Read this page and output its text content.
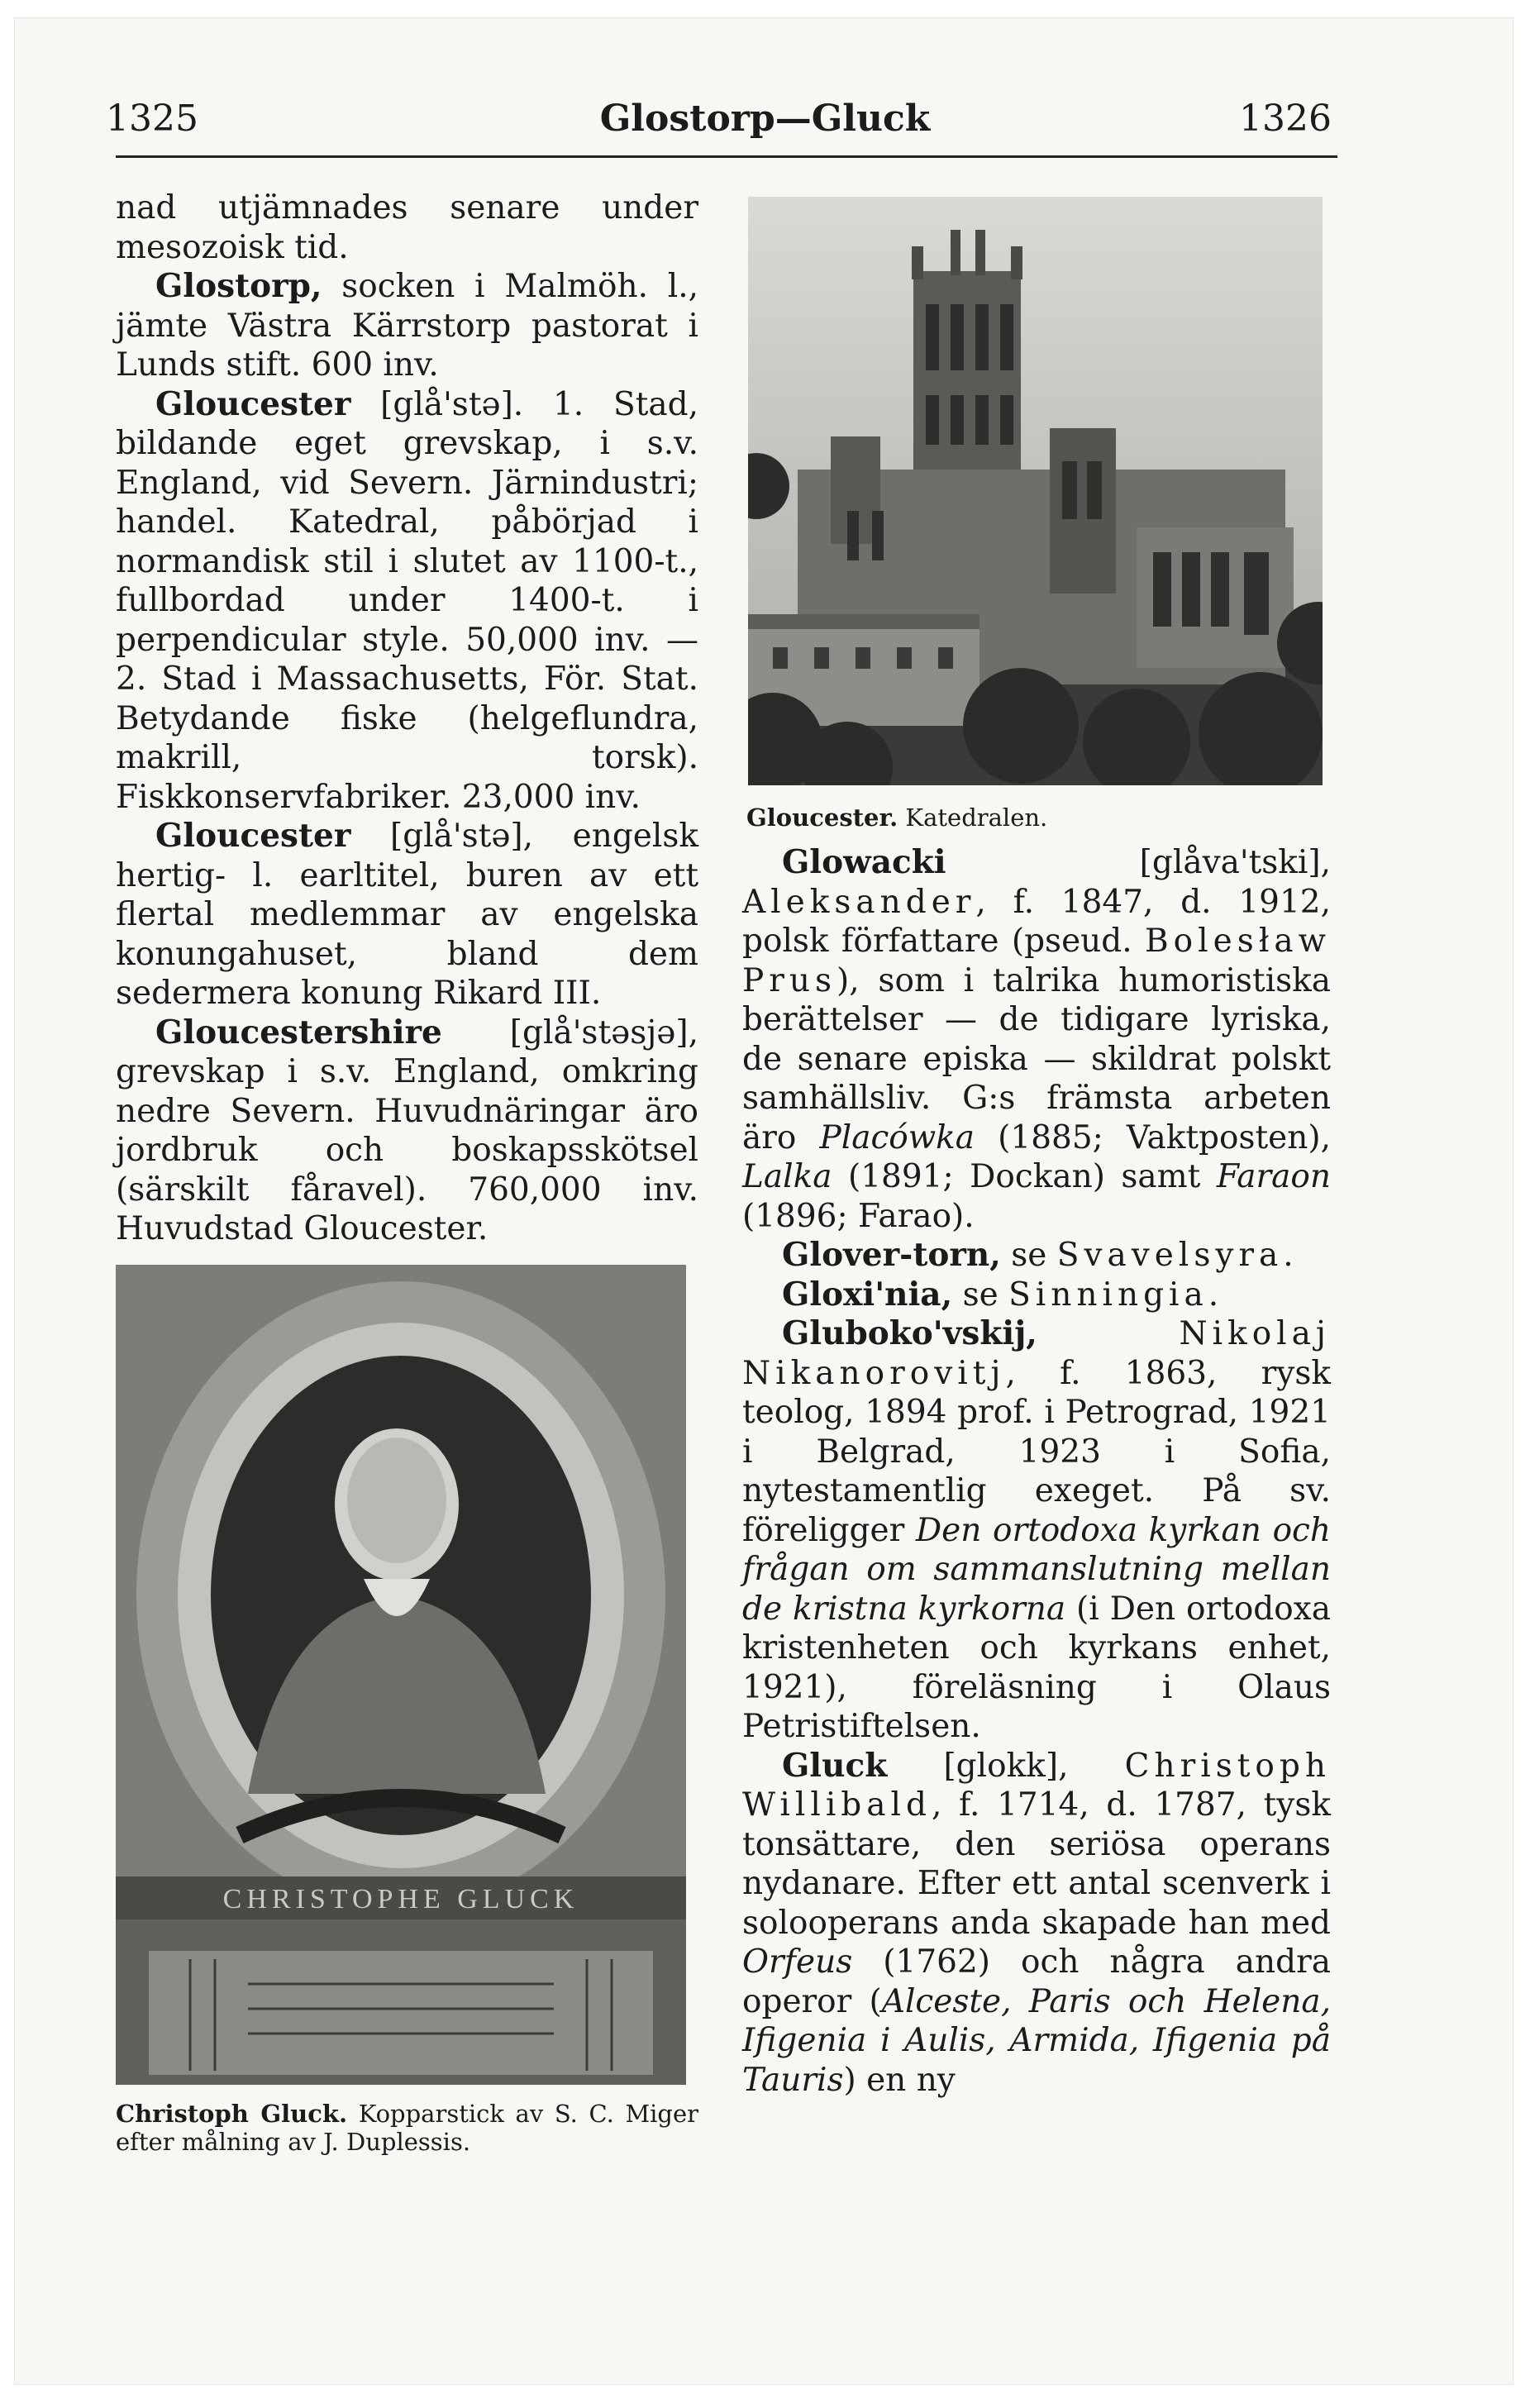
1325	Glostorp—Gluck	1326

nad utjämnades senare under mesozoisk tid.

Glostorp, socken i Malmöh. l., jämte Västra Kärrstorp pastorat i Lunds stift. 600 inv.

Gloucester [glå'stə]. 1. Stad, bildande eget grevskap, i s.v. England, vid Severn. Järnindustri; handel. Katedral, påbörjad i normandisk stil i slutet av 1100-t., fullbordad under 1400-t. i perpendicular style. 50,000 inv. — 2. Stad i Massachusetts, För. Stat. Betydande fiske (helgeflundra, makrill, torsk). Fiskkonservfabriker. 23,000 inv.

Gloucester [glå'stə], engelsk hertig- l. earltitel, buren av ett flertal medlemmar av engelska konungahuset, bland dem sedermera konung Rikard III.

Gloucestershire [glå'stəsjə], grevskap i s.v. England, omkring nedre Severn. Huvudnäringar äro jordbruk och boskapsskötsel (särskilt fåravel). 760,000 inv. Huvudstad Gloucester.

Gloucester. Katedralen.
CHRISTOPHE GLUCK
Christoph Gluck. Kopparstick av S. C. Miger efter målning av J. Duplessis.

Glowacki [glåva'tski], Aleksander, f. 1847, d. 1912, polsk författare (pseud. Bolesław Prus), som i talrika humoristiska berättelser — de tidigare lyriska, de senare episka — skildrat polskt samhällsliv. G:s främsta arbeten äro Placówka (1885; Vaktposten), Lalka (1891; Dockan) samt Faraon (1896; Farao).

Glover-torn, se Svavelsyra.

Gloxi'nia, se Sinningia.

Gluboko'vskij, Nikolaj Nikanorovitj, f. 1863, rysk teolog, 1894 prof. i Petrograd, 1921 i Belgrad, 1923 i Sofia, nytestamentlig exeget. På sv. föreligger Den ortodoxa kyrkan och frågan om sammanslutning mellan de kristna kyrkorna (i Den ortodoxa kristenheten och kyrkans enhet, 1921), föreläsning i Olaus Petristiftelsen.

Gluck [glokk], Christoph Willibald, f. 1714, d. 1787, tysk tonsättare, den seriösa operans nydanare. Efter ett antal scenverk i solooperans anda skapade han med Orfeus (1762) och några andra operor (Alceste, Paris och Helena, Ifigenia i Aulis, Armida, Ifigenia på Tauris) en ny
